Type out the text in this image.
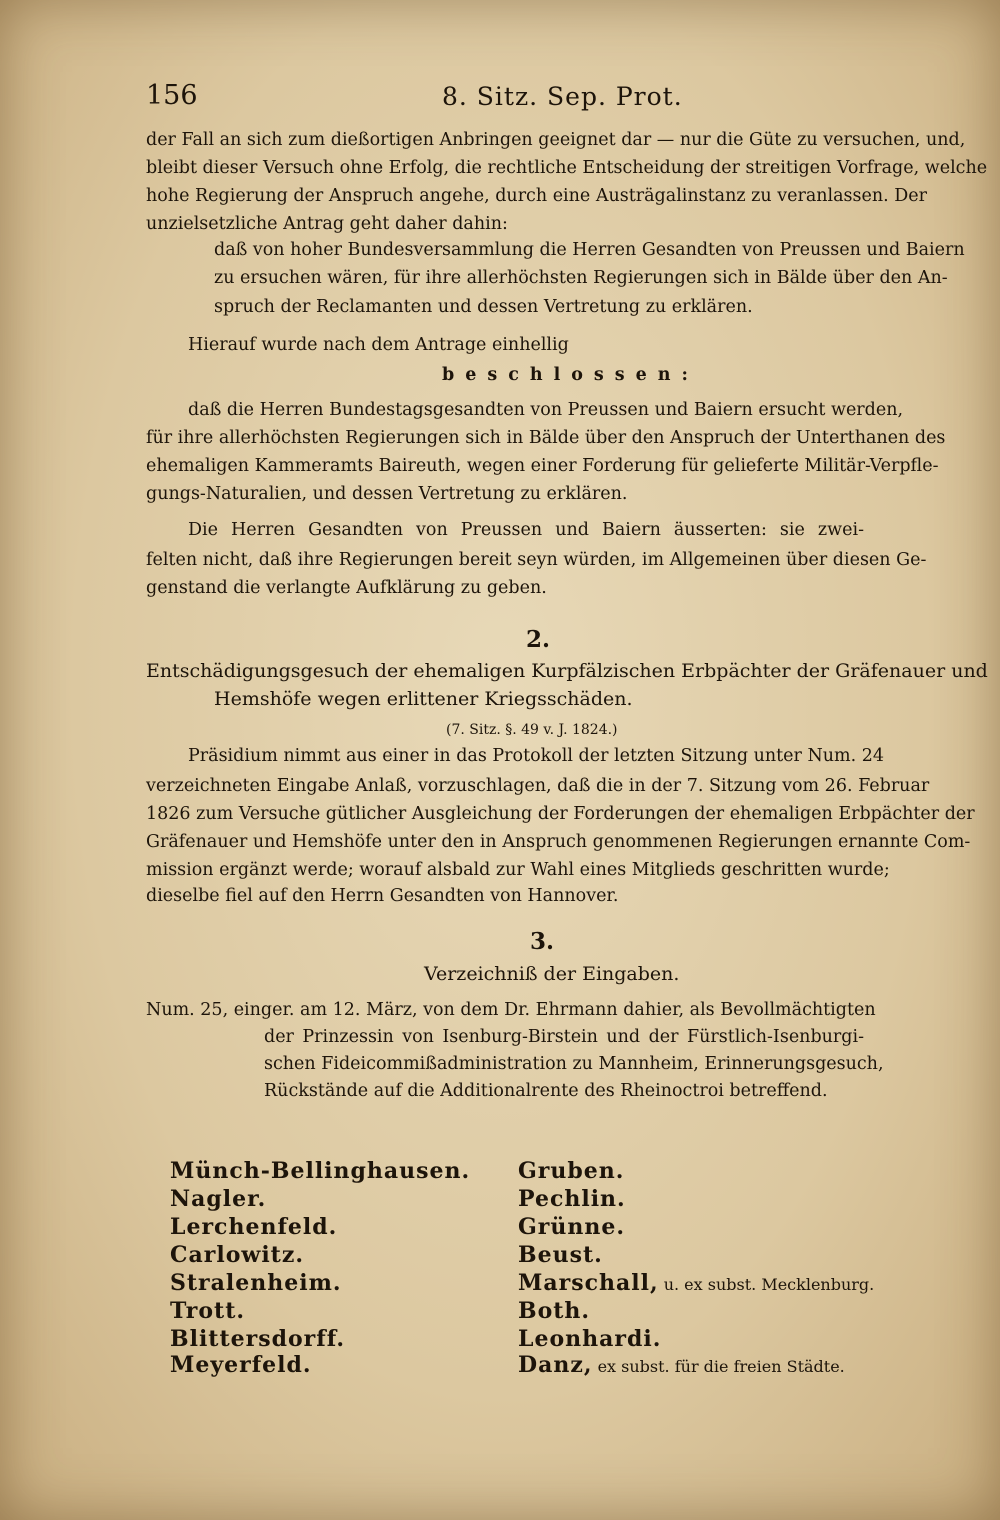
156	8. Sitz. Sep. Prot.
der Fall an sich zum dießortigen Anbringen geeignet dar — nur die Güte zu versuchen, und,
bleibt dieser Versuch ohne Erfolg, die rechtliche Entscheidung der streitigen Vorfrage, welche
hohe Regierung der Anspruch angehe, durch eine Austrägalinstanz zu veranlassen. Der
unzielsetzliche Antrag geht daher dahin:
daß von hoher Bundesversammlung die Herren Gesandten von Preussen und Baiern
zu ersuchen wären, für ihre allerhöchsten Regierungen sich in Bälde über den An-
spruch der Reclamanten und dessen Vertretung zu erklären.
Hierauf wurde nach dem Antrage einhellig
beschlossen:
daß die Herren Bundestagsgesandten von Preussen und Baiern ersucht werden,
für ihre allerhöchsten Regierungen sich in Bälde über den Anspruch der Unterthanen des
ehemaligen Kammeramts Baireuth, wegen einer Forderung für gelieferte Militär-Verpfle-
gungs-Naturalien, und dessen Vertretung zu erklären.
Die Herren Gesandten von Preussen und Baiern äusserten: sie zwei-
felten nicht, daß ihre Regierungen bereit seyn würden, im Allgemeinen über diesen Ge-
genstand die verlangte Aufklärung zu geben.
2.
Entschädigungsgesuch der ehemaligen Kurpfälzischen Erbpächter der Gräfenauer und
Hemshöfe wegen erlittener Kriegsschäden.
(7. Sitz. §. 49 v. J. 1824.)
Präsidium nimmt aus einer in das Protokoll der letzten Sitzung unter Num. 24
verzeichneten Eingabe Anlaß, vorzuschlagen, daß die in der 7. Sitzung vom 26. Februar
1826 zum Versuche gütlicher Ausgleichung der Forderungen der ehemaligen Erbpächter der
Gräfenauer und Hemshöfe unter den in Anspruch genommenen Regierungen ernannte Com-
mission ergänzt werde; worauf alsbald zur Wahl eines Mitglieds geschritten wurde;
dieselbe fiel auf den Herrn Gesandten von Hannover.
3.
Verzeichniß der Eingaben.
Num. 25, einger. am 12. März, von dem Dr. Ehrmann dahier, als Bevollmächtigten
der Prinzessin von Isenburg-Birstein und der Fürstlich-Isenburgi-
schen Fideicommißadministration zu Mannheim, Erinnerungsgesuch,
Rückstände auf die Additionalrente des Rheinoctroi betreffend.
Münch-Bellinghausen.
Nagler.
Lerchenfeld.
Carlowitz.
Stralenheim.
Trott.
Blittersdorff.
Meyerfeld.
Gruben.
Pechlin.
Grünne.
Beust.
Marschall, u. ex subst. Mecklenburg.
Both.
Leonhardi.
Danz, ex subst. für die freien Städte.
